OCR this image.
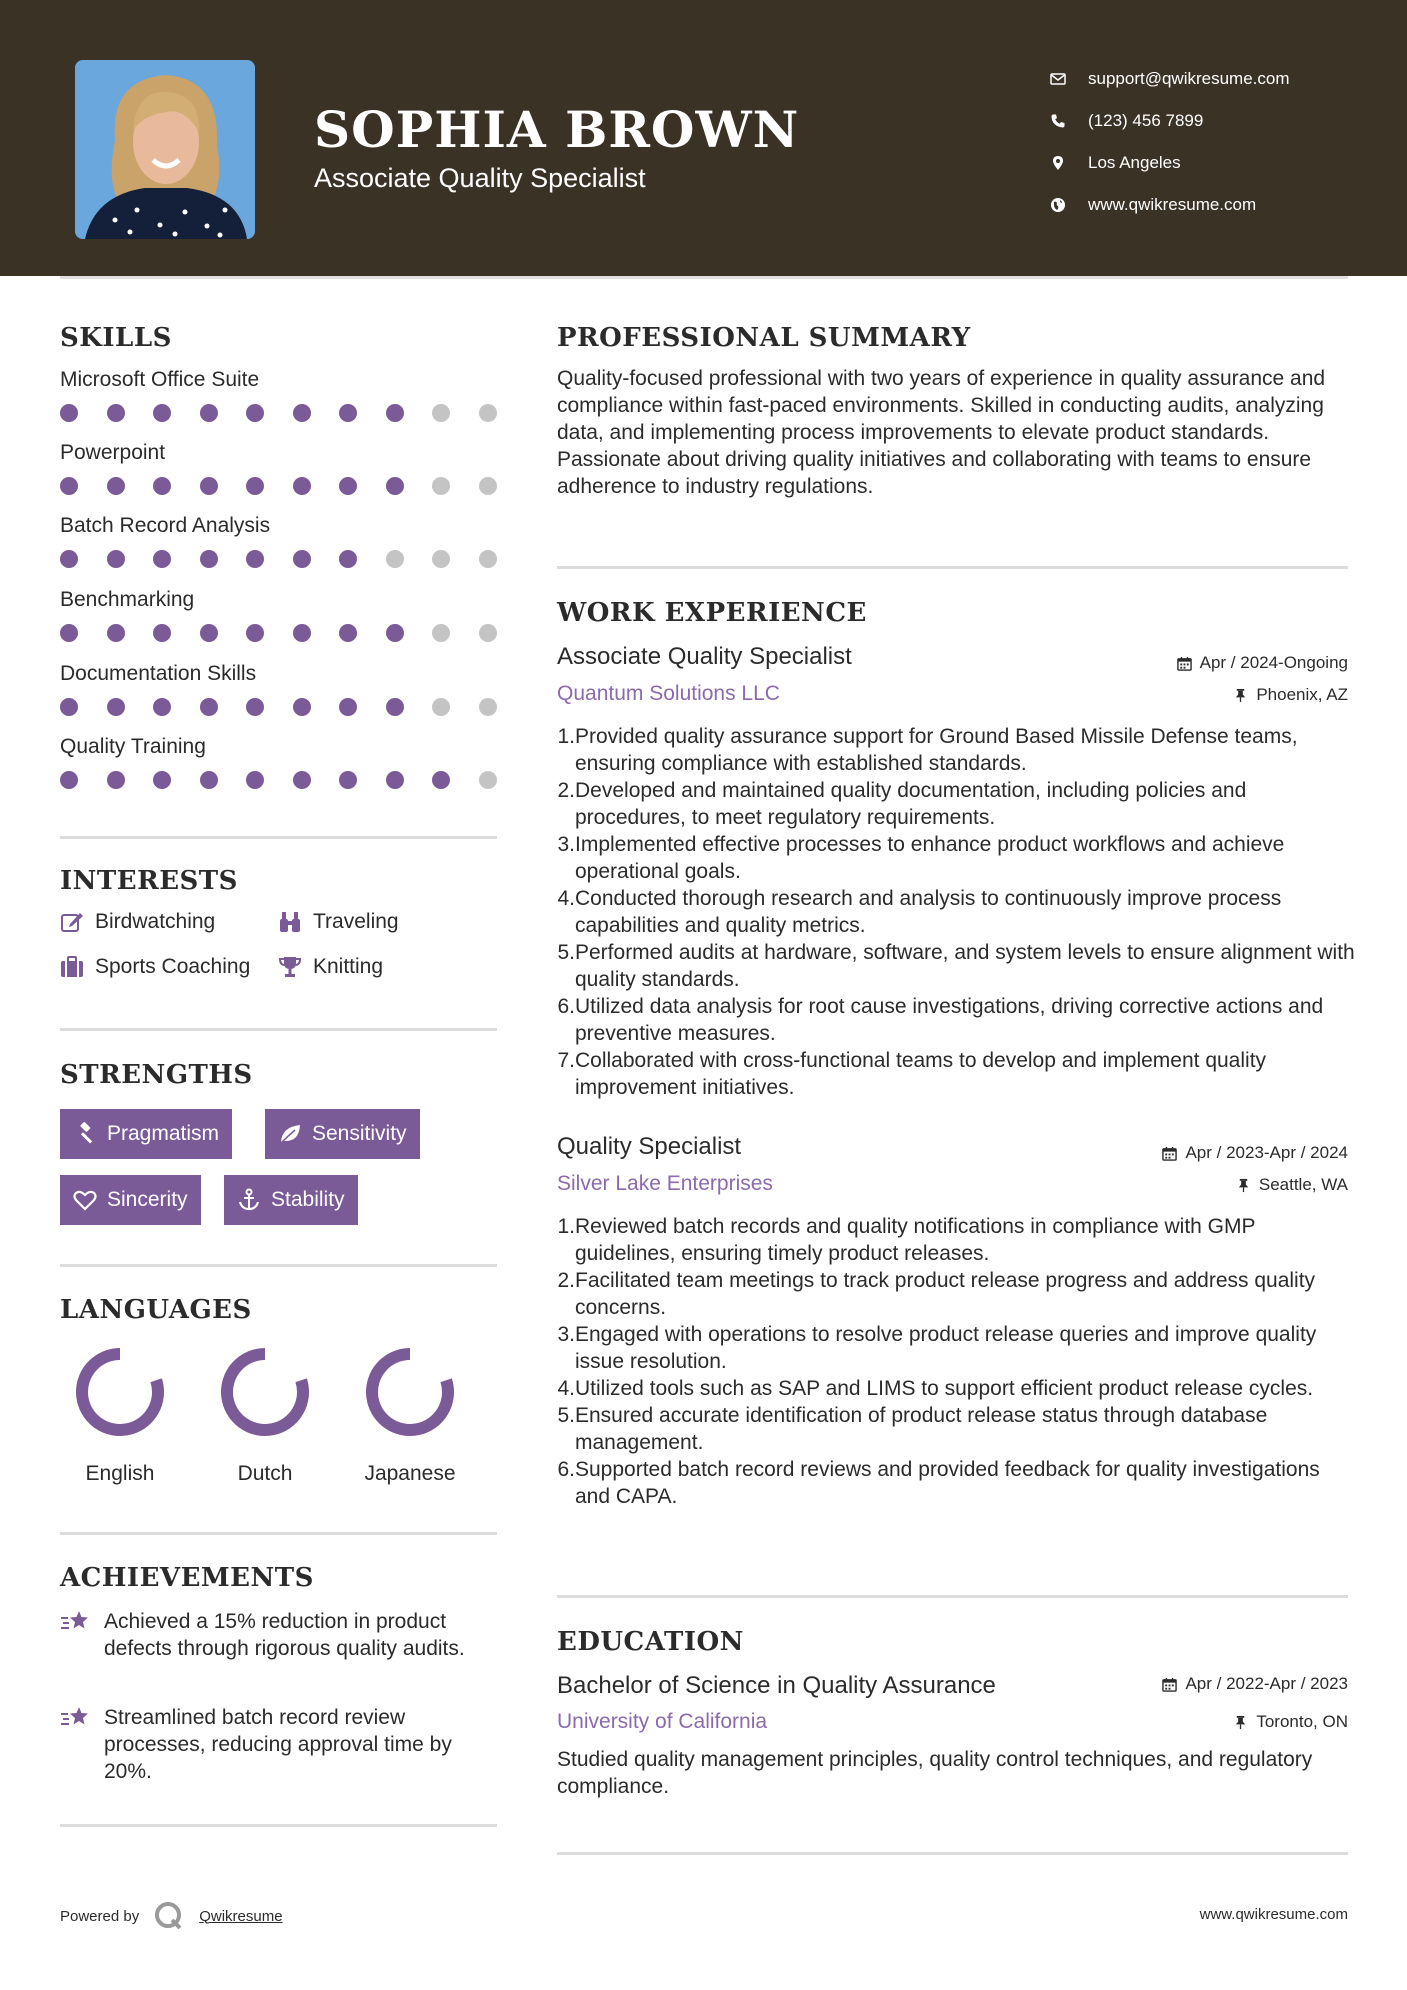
SOPHIA BROWN
Associate Quality Specialist
support@qwikresume.com
(123) 456 7899
Los Angeles
www.qwikresume.com
SKILLS
Microsoft Office Suite
Powerpoint
Batch Record Analysis
Benchmarking
Documentation Skills
Quality Training
INTERESTS
Birdwatching	Traveling
Sports Coaching	Knitting
STRENGTHS
Pragmatism	Sensitivity
Sincerity	Stability
LANGUAGES
English	Dutch	Japanese
ACHIEVEMENTS
Achieved a 15% reduction in product defects through rigorous quality audits.
Streamlined batch record review processes, reducing approval time by 20%.
PROFESSIONAL SUMMARY
Quality-focused professional with two years of experience in quality assurance and compliance within fast-paced environments. Skilled in conducting audits, analyzing data, and implementing process improvements to elevate product standards. Passionate about driving quality initiatives and collaborating with teams to ensure adherence to industry regulations.
WORK EXPERIENCE
Associate Quality Specialist	Apr / 2024-Ongoing
Quantum Solutions LLC	Phoenix, AZ
1. Provided quality assurance support for Ground Based Missile Defense teams, ensuring compliance with established standards.
2. Developed and maintained quality documentation, including policies and procedures, to meet regulatory requirements.
3. Implemented effective processes to enhance product workflows and achieve operational goals.
4. Conducted thorough research and analysis to continuously improve process capabilities and quality metrics.
5. Performed audits at hardware, software, and system levels to ensure alignment with quality standards.
6. Utilized data analysis for root cause investigations, driving corrective actions and preventive measures.
7. Collaborated with cross-functional teams to develop and implement quality improvement initiatives.
Quality Specialist	Apr / 2023-Apr / 2024
Silver Lake Enterprises	Seattle, WA
1. Reviewed batch records and quality notifications in compliance with GMP guidelines, ensuring timely product releases.
2. Facilitated team meetings to track product release progress and address quality concerns.
3. Engaged with operations to resolve product release queries and improve quality issue resolution.
4. Utilized tools such as SAP and LIMS to support efficient product release cycles.
5. Ensured accurate identification of product release status through database management.
6. Supported batch record reviews and provided feedback for quality investigations and CAPA.
EDUCATION
Bachelor of Science in Quality Assurance	Apr / 2022-Apr / 2023
University of California	Toronto, ON
Studied quality management principles, quality control techniques, and regulatory compliance.
Powered by	Qwikresume	www.qwikresume.com
